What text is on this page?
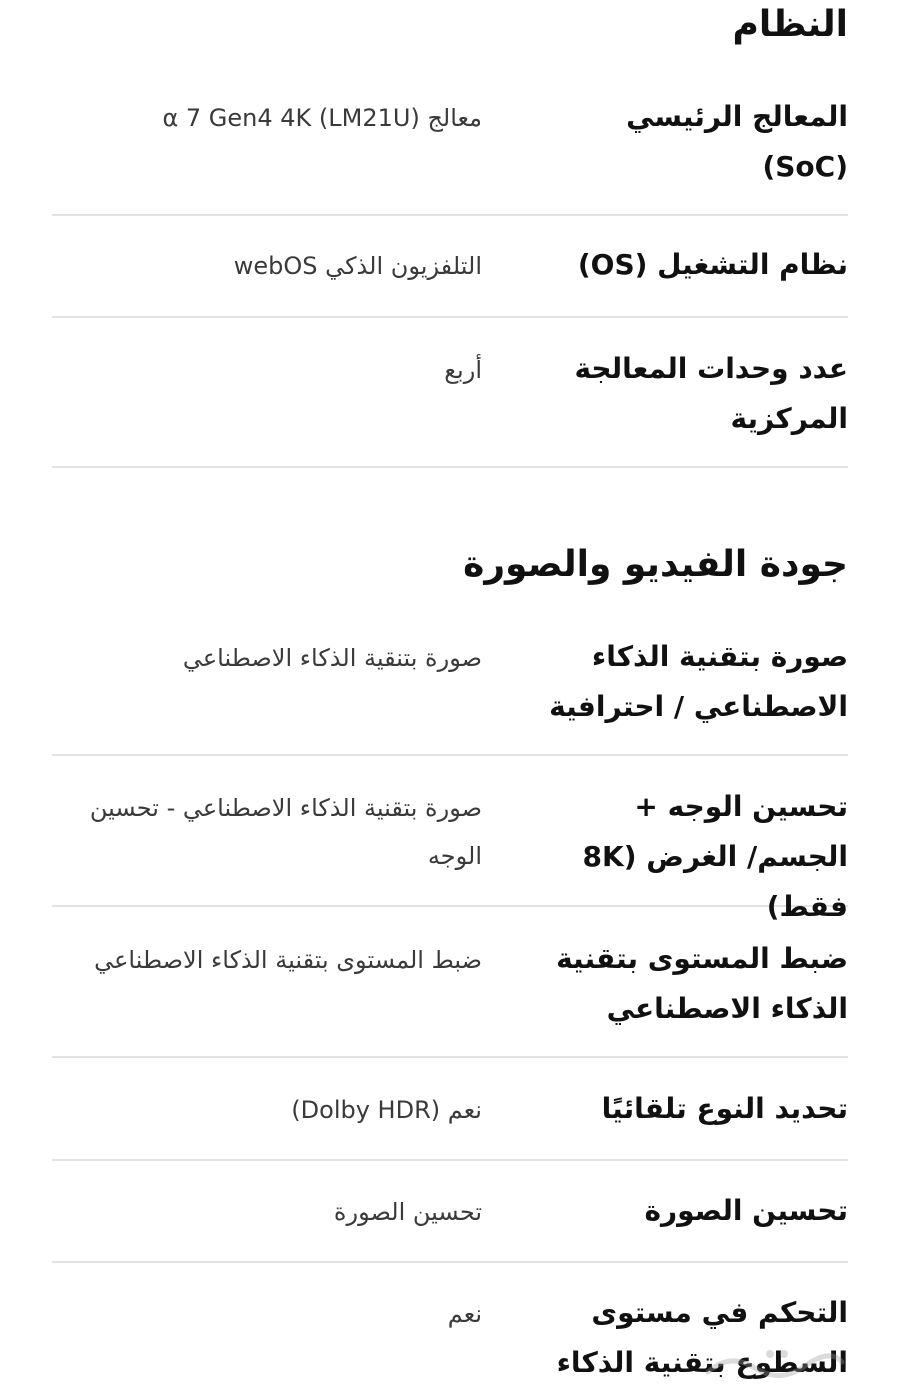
النظام
المعالج الرئيسي (SoC)
معالج α 7 Gen4 4K (LM21U)
نظام التشغيل (OS)
التلفزيون الذكي webOS
عدد وحدات المعالجة المركزية
أربع
جودة الفيديو والصورة
صورة بتقنية الذكاء الاصطناعي / احترافية
صورة بتنقية الذكاء الاصطناعي
تحسين الوجه + الجسم/ الغرض (8K فقط)
صورة بتقنية الذكاء الاصطناعي - تحسين الوجه
ضبط المستوى بتقنية الذكاء الاصطناعي
ضبط المستوى بتقنية الذكاء الاصطناعي
تحديد النوع تلقائيًا
نعم (Dolby HDR)
تحسين الصورة
تحسين الصورة
التحكم في مستوى السطوع بتقنية الذكاء
نعم
